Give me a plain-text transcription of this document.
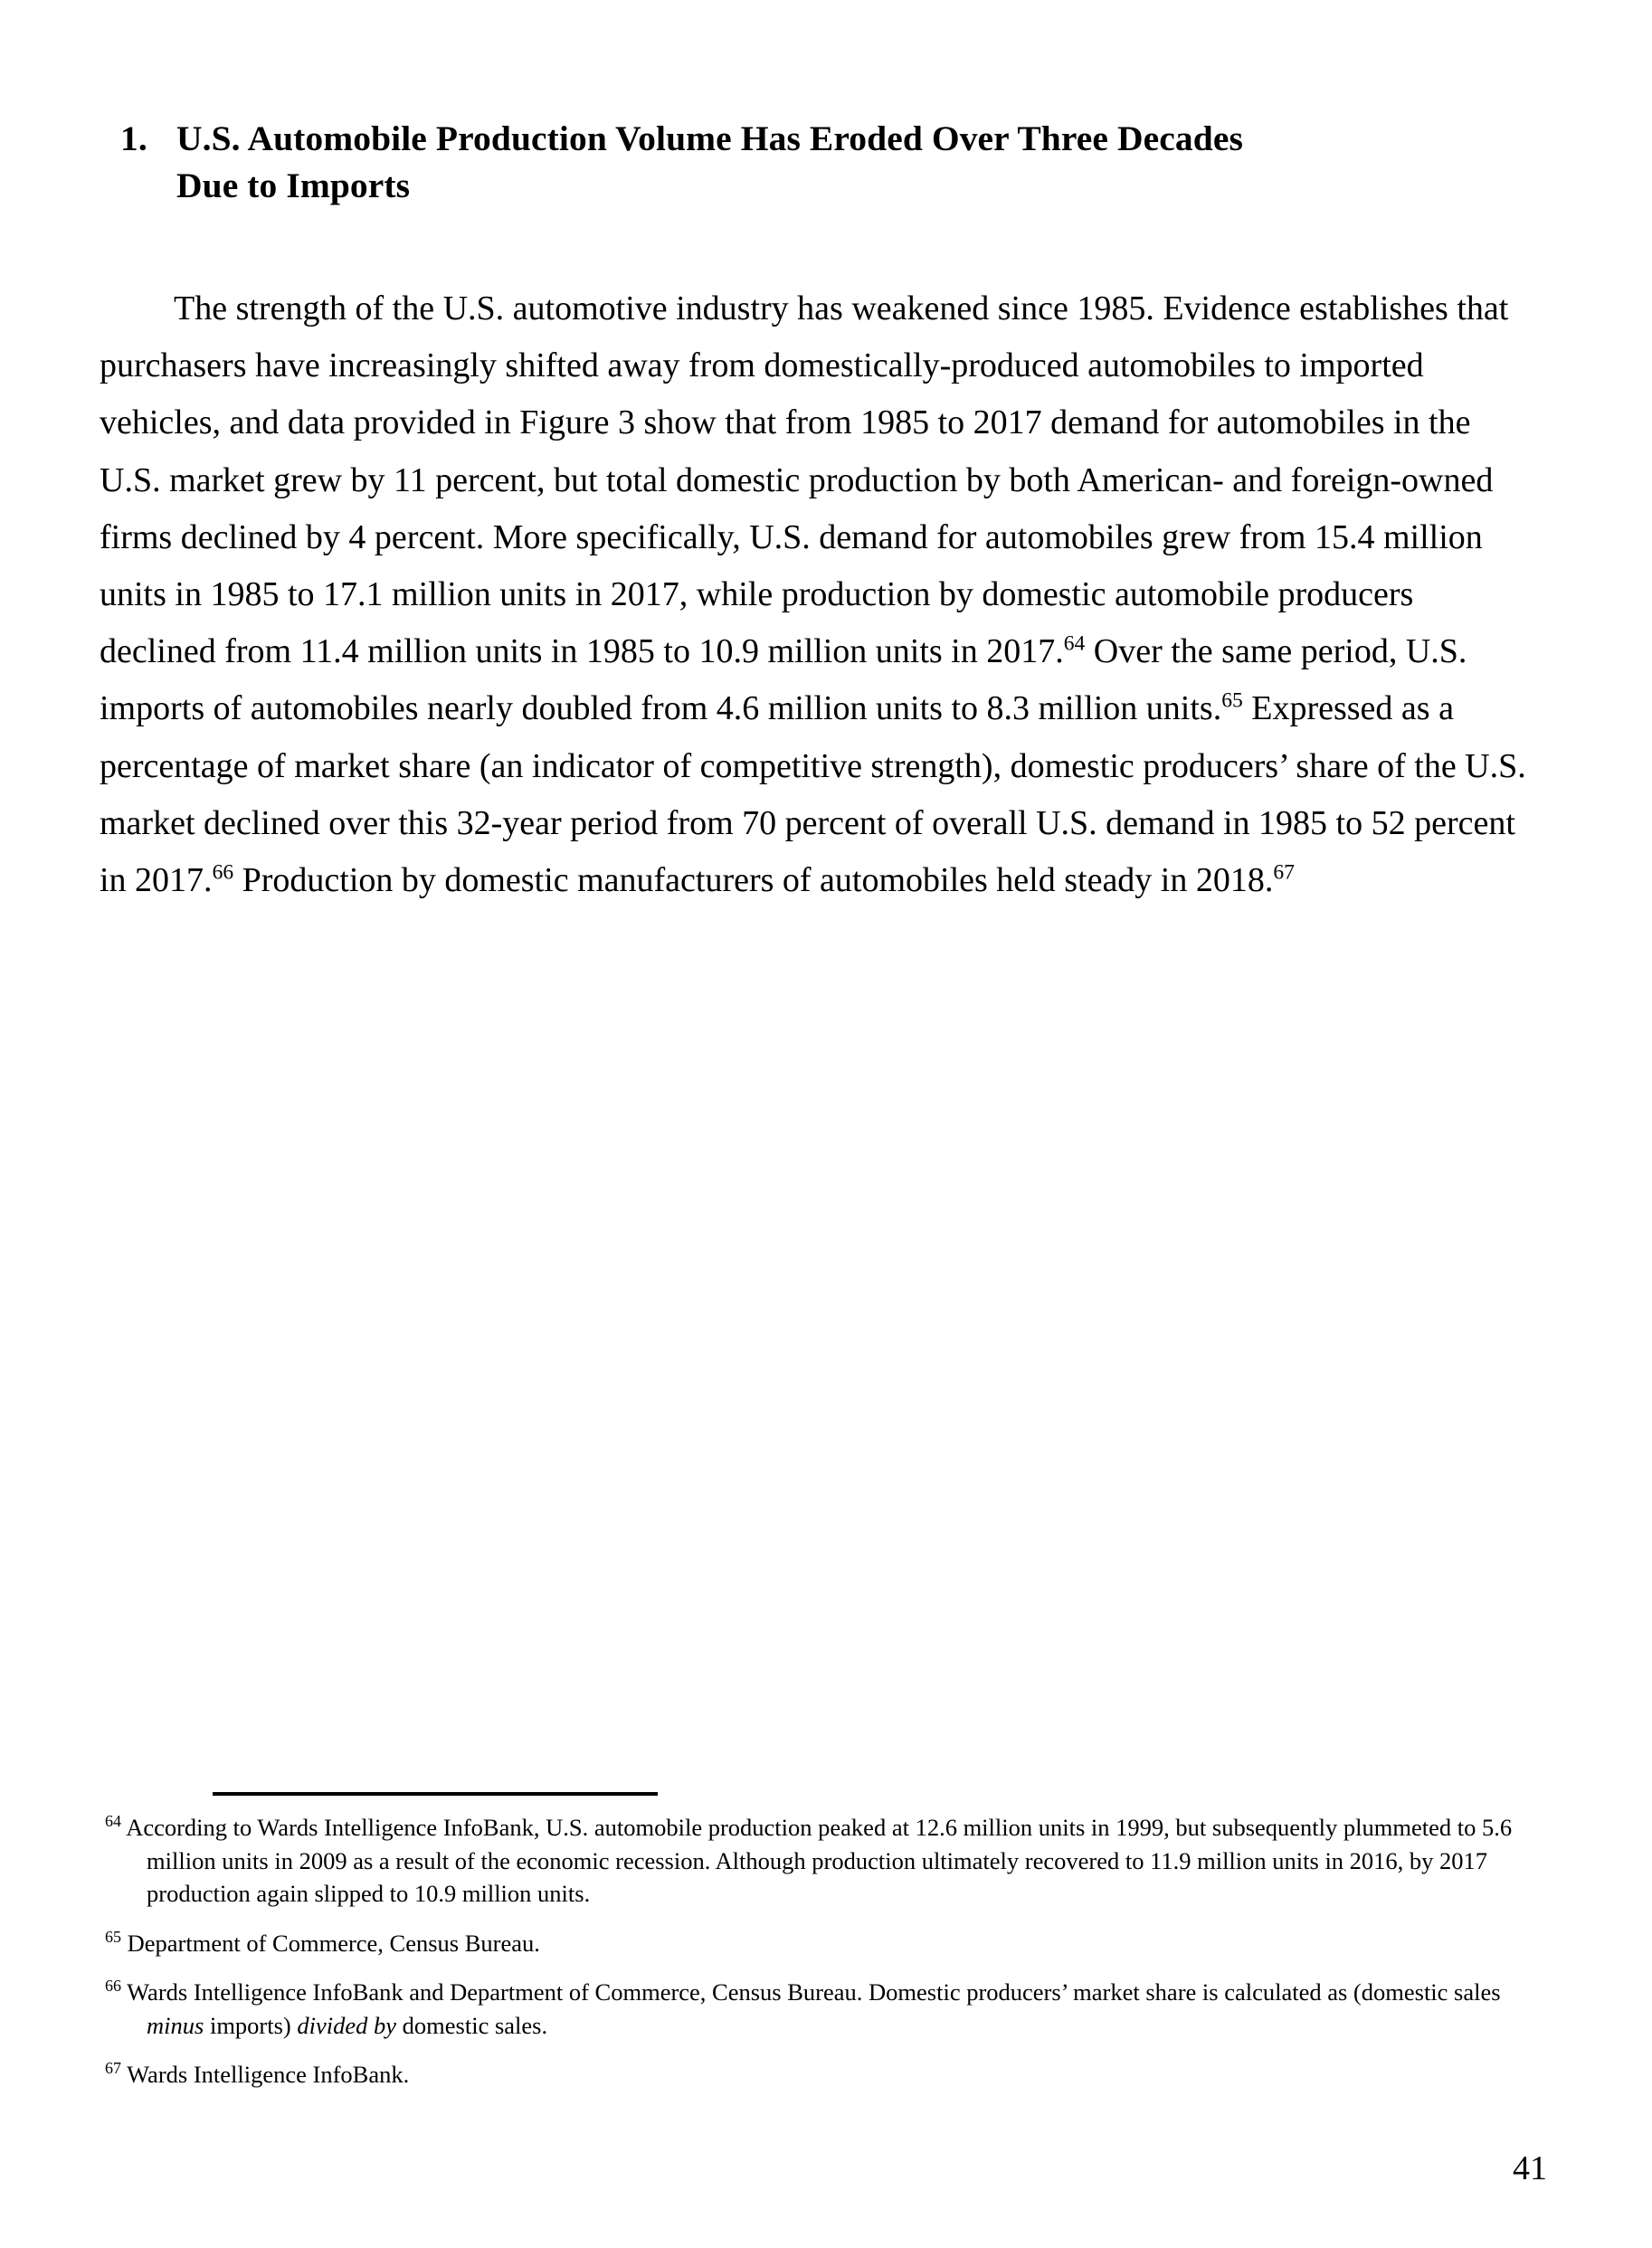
1. U.S. Automobile Production Volume Has Eroded Over Three Decades
Due to Imports

The strength of the U.S. automotive industry has weakened since 1985. Evidence establishes that purchasers have increasingly shifted away from domestically-produced automobiles to imported vehicles, and data provided in Figure 3 show that from 1985 to 2017 demand for automobiles in the U.S. market grew by 11 percent, but total domestic production by both American- and foreign-owned firms declined by 4 percent. More specifically, U.S. demand for automobiles grew from 15.4 million units in 1985 to 17.1 million units in 2017, while production by domestic automobile producers declined from 11.4 million units in 1985 to 10.9 million units in 2017.64 Over the same period, U.S. imports of automobiles nearly doubled from 4.6 million units to 8.3 million units.$^{65}$ Expressed as a percentage of market share (an indicator of competitive strength), domestic producers’ share of the U.S. market declined over this 32-year period from 70 percent of overall U.S. demand in 1985 to 52 percent in 2017.66 Production by domestic manufacturers of automobiles held steady in 2018.67

$^{64}$ According to Wards Intelligence InfoBank, U.S. automobile production peaked at 12.6 million units in 1999, but subsequently plummeted to 5.6 million units in 2009 as a result of the economic recession. Although production ultimately recovered to 11.9 million units in 2016, by 2017 production again slipped to 10.9 million units.

$^{65}$ Department of Commerce, Census Bureau.

$^{66}$ Wards Intelligence InfoBank and Department of Commerce, Census Bureau. Domestic producers’ market share is calculated as (domestic sales minus imports) divided by domestic sales.

$^{67}$ Wards Intelligence InfoBank.

41
